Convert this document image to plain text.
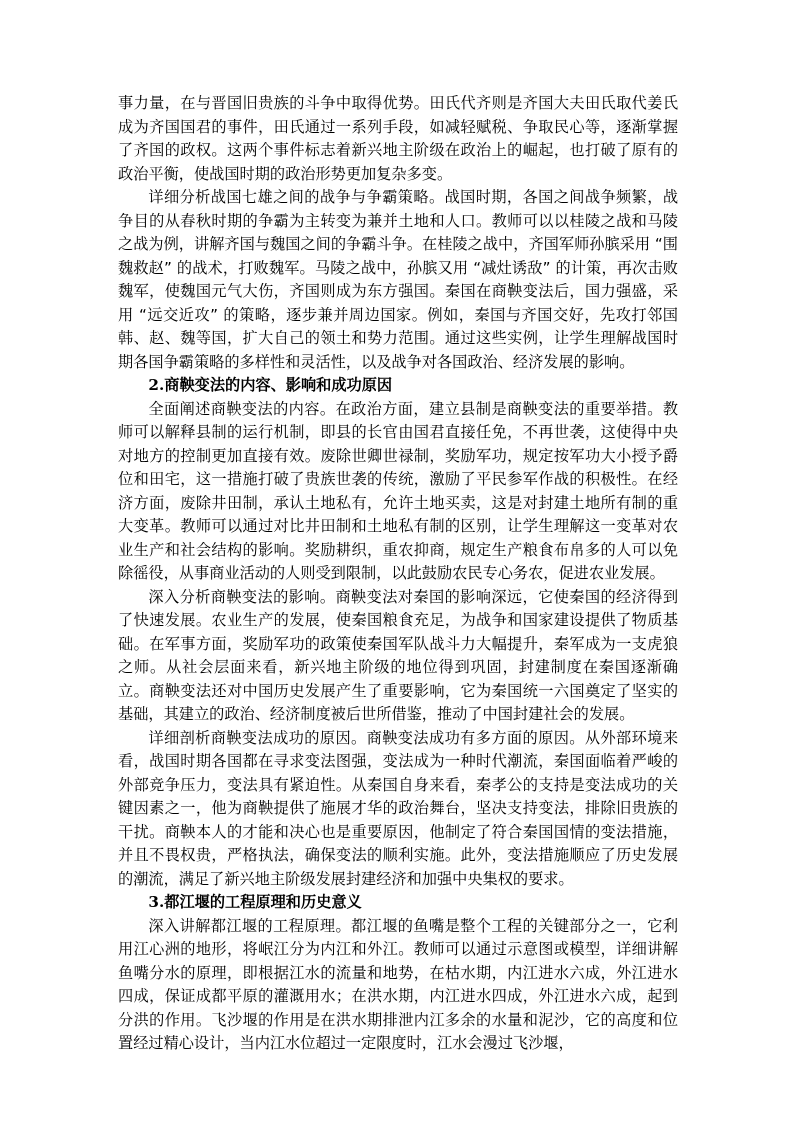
事力量，在与晋国旧贵族的斗争中取得优势。田氏代齐则是齐国大夫田氏取代姜氏成为齐国国君的事件，田氏通过一系列手段，如减轻赋税、争取民心等，逐渐掌握了齐国的政权。这两个事件标志着新兴地主阶级在政治上的崛起，也打破了原有的政治平衡，使战国时期的政治形势更加复杂多变。

详细分析战国七雄之间的战争与争霸策略。战国时期，各国之间战争频繁，战争目的从春秋时期的争霸为主转变为兼并土地和人口。教师可以以桂陵之战和马陵之战为例，讲解齐国与魏国之间的争霸斗争。在桂陵之战中，齐国军师孙膑采用 “围魏救赵” 的战术，打败魏军。马陵之战中，孙膑又用 “减灶诱敌” 的计策，再次击败魏军，使魏国元气大伤，齐国则成为东方强国。秦国在商鞅变法后，国力强盛，采用 “远交近攻” 的策略，逐步兼并周边国家。例如，秦国与齐国交好，先攻打邻国韩、赵、魏等国，扩大自己的领土和势力范围。通过这些实例，让学生理解战国时期各国争霸策略的多样性和灵活性，以及战争对各国政治、经济发展的影响。

2.商鞅变法的内容、影响和成功原因

全面阐述商鞅变法的内容。在政治方面，建立县制是商鞅变法的重要举措。教师可以解释县制的运行机制，即县的长官由国君直接任免，不再世袭，这使得中央对地方的控制更加直接有效。废除世卿世禄制，奖励军功，规定按军功大小授予爵位和田宅，这一措施打破了贵族世袭的传统，激励了平民参军作战的积极性。在经济方面，废除井田制，承认土地私有，允许土地买卖，这是对封建土地所有制的重大变革。教师可以通过对比井田制和土地私有制的区别，让学生理解这一变革对农业生产和社会结构的影响。奖励耕织，重农抑商，规定生产粮食布帛多的人可以免除徭役，从事商业活动的人则受到限制，以此鼓励农民专心务农，促进农业发展。

深入分析商鞅变法的影响。商鞅变法对秦国的影响深远，它使秦国的经济得到了快速发展。农业生产的发展，使秦国粮食充足，为战争和国家建设提供了物质基础。在军事方面，奖励军功的政策使秦国军队战斗力大幅提升，秦军成为一支虎狼之师。从社会层面来看，新兴地主阶级的地位得到巩固，封建制度在秦国逐渐确立。商鞅变法还对中国历史发展产生了重要影响，它为秦国统一六国奠定了坚实的基础，其建立的政治、经济制度被后世所借鉴，推动了中国封建社会的发展。

详细剖析商鞅变法成功的原因。商鞅变法成功有多方面的原因。从外部环境来看，战国时期各国都在寻求变法图强，变法成为一种时代潮流，秦国面临着严峻的外部竞争压力，变法具有紧迫性。从秦国自身来看，秦孝公的支持是变法成功的关键因素之一，他为商鞅提供了施展才华的政治舞台，坚决支持变法，排除旧贵族的干扰。商鞅本人的才能和决心也是重要原因，他制定了符合秦国国情的变法措施，并且不畏权贵，严格执法，确保变法的顺利实施。此外，变法措施顺应了历史发展的潮流，满足了新兴地主阶级发展封建经济和加强中央集权的要求。

3.都江堰的工程原理和历史意义

深入讲解都江堰的工程原理。都江堰的鱼嘴是整个工程的关键部分之一，它利用江心洲的地形，将岷江分为内江和外江。教师可以通过示意图或模型，详细讲解鱼嘴分水的原理，即根据江水的流量和地势，在枯水期，内江进水六成，外江进水四成，保证成都平原的灌溉用水；在洪水期，内江进水四成，外江进水六成，起到分洪的作用。飞沙堰的作用是在洪水期排泄内江多余的水量和泥沙，它的高度和位置经过精心设计，当内江水位超过一定限度时，江水会漫过飞沙堰，
